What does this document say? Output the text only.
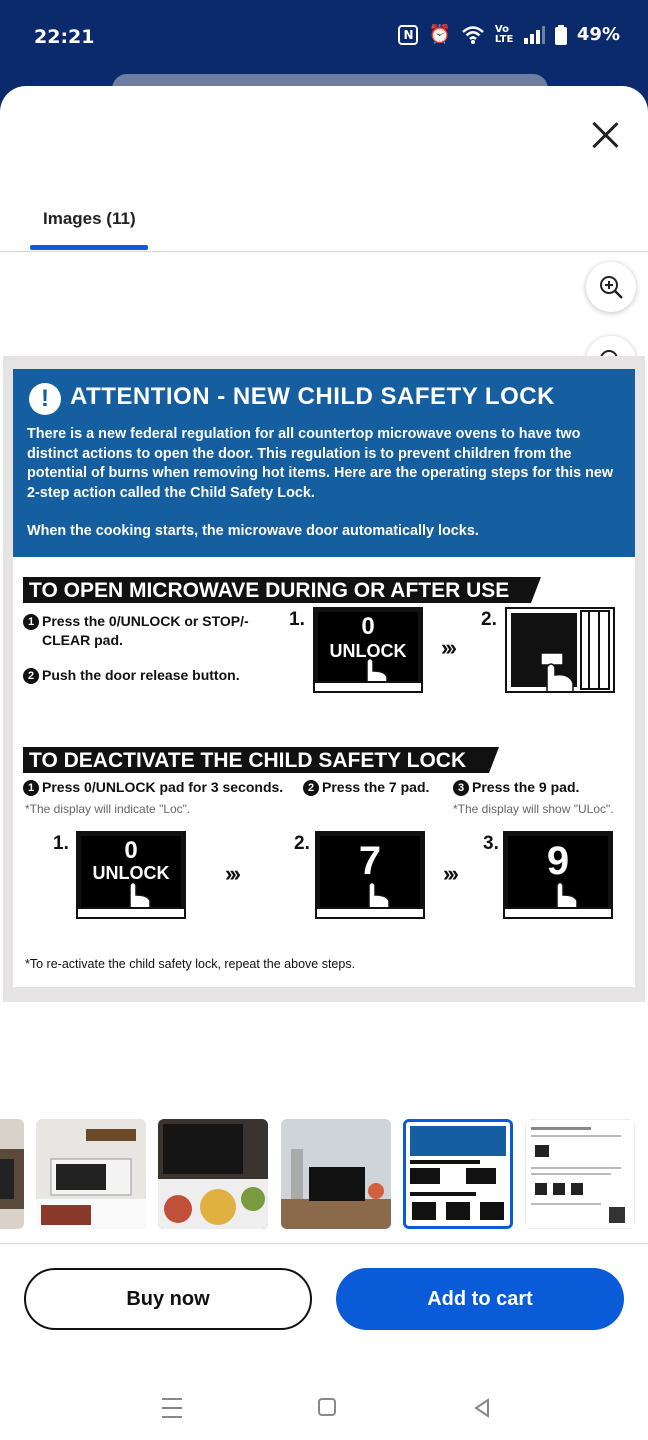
22:21	N ⏰	Vo LTE	49%
Images (11)
! ATTENTION - NEW CHILD SAFETY LOCK
There is a new federal regulation for all countertop microwave ovens to have two distinct actions to open the door. This regulation is to prevent children from the potential of burns when removing hot items. Here are the operating steps for this new 2-step action called the Child Safety Lock.
When the cooking starts, the microwave door automatically locks.
TO OPEN MICROWAVE DURING OR AFTER USE
1 Press the 0/UNLOCK or STOP/-
CLEAR pad.
2 Push the door release button.
1.	0
UNLOCK	›››
2.
TO DEACTIVATE THE CHILD SAFETY LOCK
1 Press 0/UNLOCK pad for 3 seconds.
*The display will indicate "Loc".
2 Press the 7 pad.	3 Press the 9 pad.
*The display will show "ULoc".
1.	0
UNLOCK	›››
2.	7	›››
3.	9
*To re-activate the child safety lock, repeat the above steps.
Buy now	Add to cart
